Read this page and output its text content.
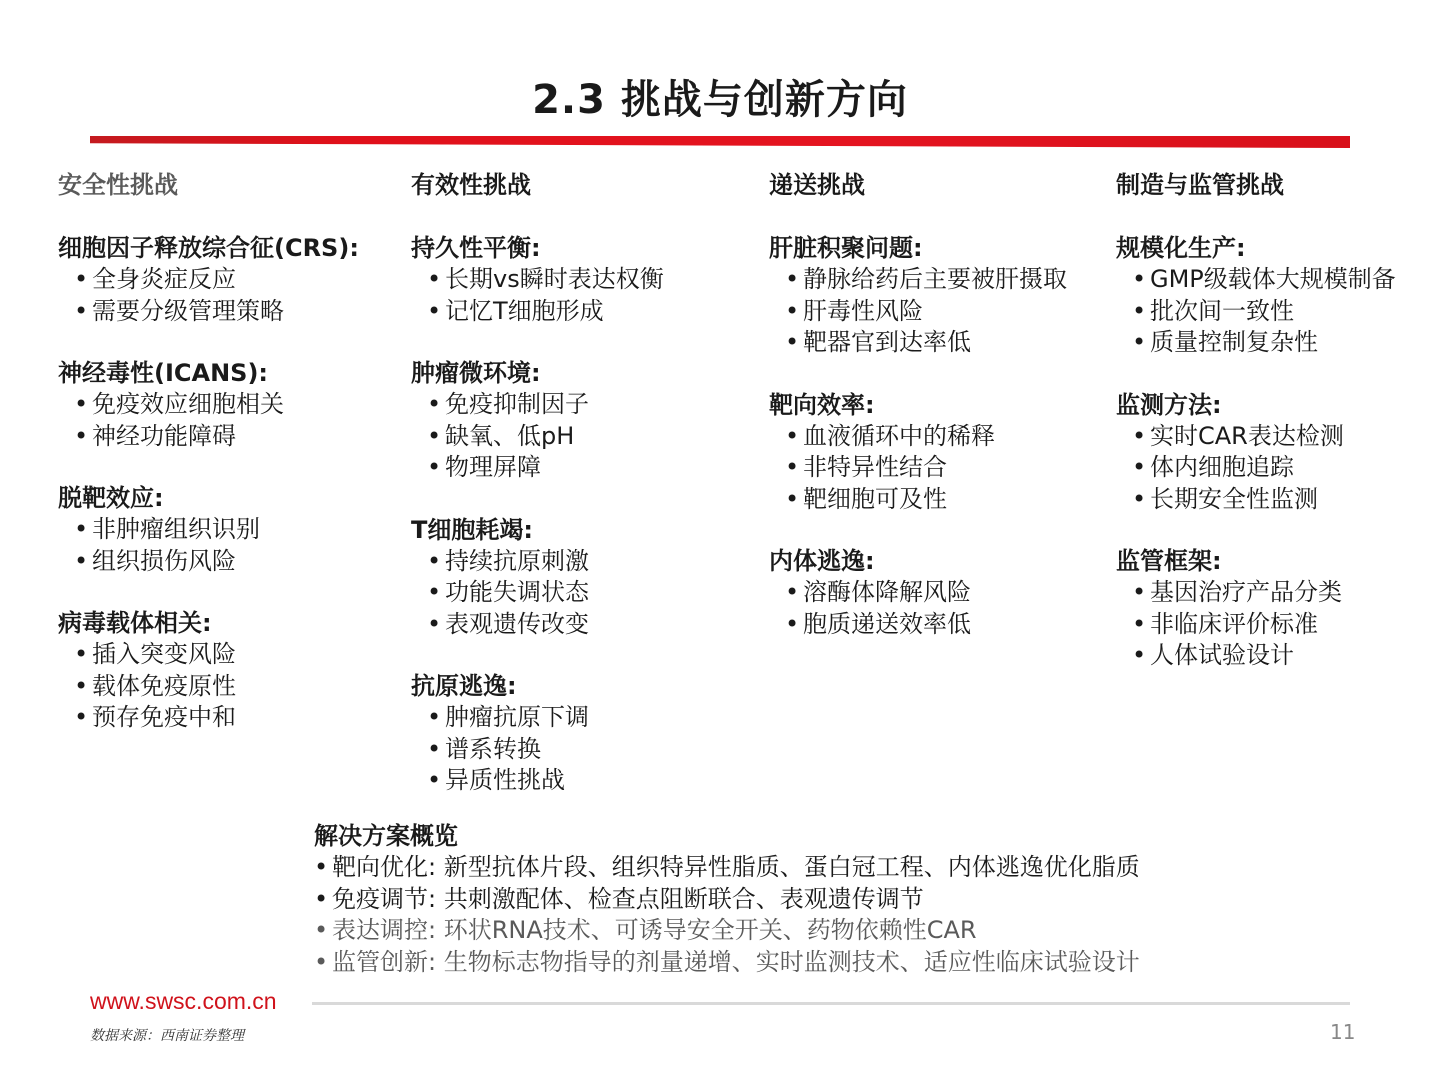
2.3 挑战与创新方向
安全性挑战
细胞因子释放综合征(CRS):
• 全身炎症反应
• 需要分级管理策略
神经毒性(ICANS):
• 免疫效应细胞相关
• 神经功能障碍
脱靶效应:
• 非肿瘤组织识别
• 组织损伤风险
病毒载体相关:
• 插入突变风险
• 载体免疫原性
• 预存免疫中和
有效性挑战
持久性平衡:
• 长期vs瞬时表达权衡
• 记忆T细胞形成
肿瘤微环境:
• 免疫抑制因子
• 缺氧、低pH
• 物理屏障
T细胞耗竭:
• 持续抗原刺激
• 功能失调状态
• 表观遗传改变
抗原逃逸:
• 肿瘤抗原下调
• 谱系转换
• 异质性挑战
递送挑战
肝脏积聚问题:
• 静脉给药后主要被肝摄取
• 肝毒性风险
• 靶器官到达率低
靶向效率:
• 血液循环中的稀释
• 非特异性结合
• 靶细胞可及性
内体逃逸:
• 溶酶体降解风险
• 胞质递送效率低
制造与监管挑战
规模化生产:
• GMP级载体大规模制备
• 批次间一致性
• 质量控制复杂性
监测方法:
• 实时CAR表达检测
• 体内细胞追踪
• 长期安全性监测
监管框架:
• 基因治疗产品分类
• 非临床评价标准
• 人体试验设计
解决方案概览
• 靶向优化: 新型抗体片段、组织特异性脂质、蛋白冠工程、内体逃逸优化脂质
• 免疫调节: 共刺激配体、检查点阻断联合、表观遗传调节
• 表达调控: 环状RNA技术、可诱导安全开关、药物依赖性CAR
• 监管创新: 生物标志物指导的剂量递增、实时监测技术、适应性临床试验设计
www.swsc.com.cn
数据来源：西南证券整理	11
